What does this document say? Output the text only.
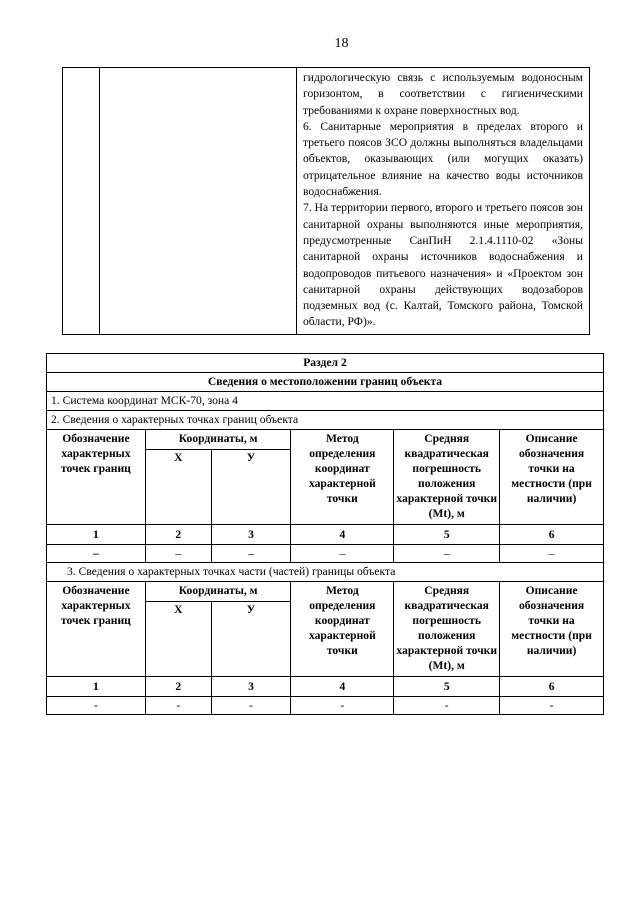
18

гидрологическую связь с используемым водоносным горизонтом, в соответствии с гигиеническими требованиями к охране поверхностных вод.

6. Санитарные мероприятия в пределах второго и третьего поясов ЗСО должны выполняться владельцами объектов, оказывающих (или могущих оказать) отрицательное влияние на качество воды источников водоснабжения.

7. На территории первого, второго и третьего поясов зон санитарной охраны выполняются иные мероприятия, предусмотренные СанПиН 2.1.4.1110-02 «Зоны санитарной охраны источников водоснабжения и водопроводов питьевого назначения» и «Проектом зон санитарной охраны действующих водозаборов подземных вод (с. Калтай, Томского района, Томской области, РФ)».

Раздел 2					
Сведения о местоположении границ объекта					
1. Система координат МСК-70, зона 4					
2. Сведения о характерных точках границ объекта					
Обозначение характерных точек границ	Координаты, м		Метод определения координат характерной точки	Средняя квадратическая погрешность положения характерной точки (Mt), м	Описание обозначения точки на местности (при наличии)
	Х	У			
1	2	3	4	5	6
–	–	–	–	–	–
3. Сведения о характерных точках части (частей) границы объекта					
Обозначение характерных точек границ	Координаты, м		Метод определения координат характерной точки	Средняя квадратическая погрешность положения характерной точки (Mt), м	Описание обозначения точки на местности (при наличии)
	Х	У			
1	2	3	4	5	6
-	-	-	-	-	-
